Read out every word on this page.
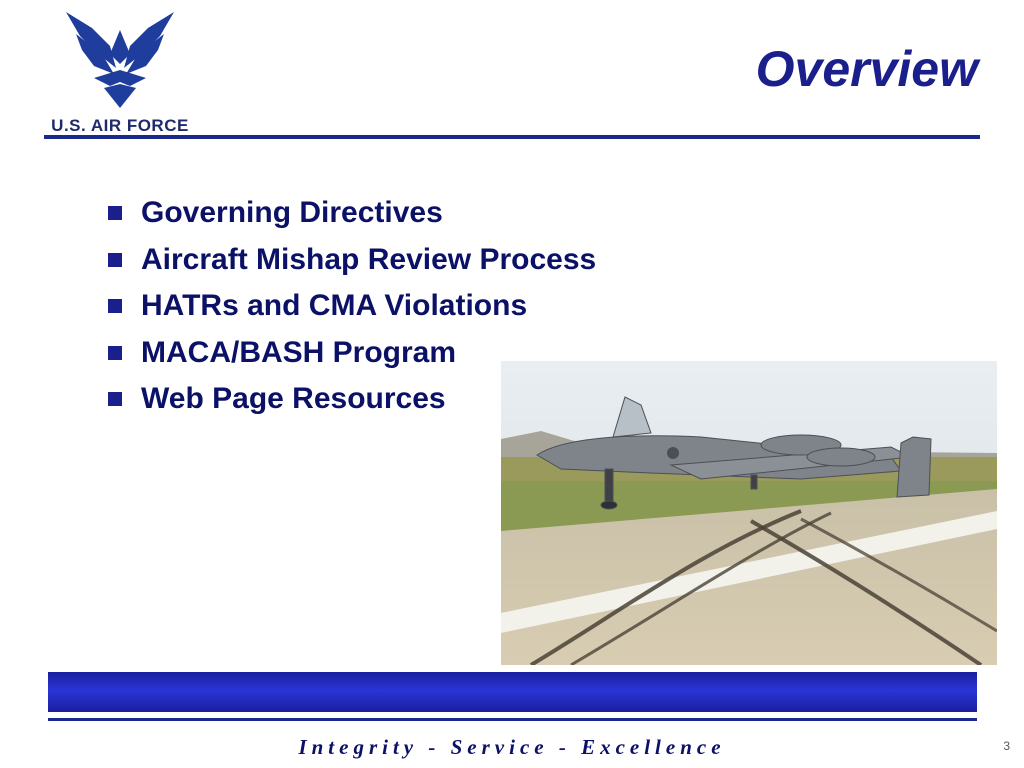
U.S. AIR FORCE
Overview
Governing Directives
Aircraft Mishap Review Process
HATRs and CMA Violations
MACA/BASH Program
Web Page Resources
Integrity - Service - Excellence	3
